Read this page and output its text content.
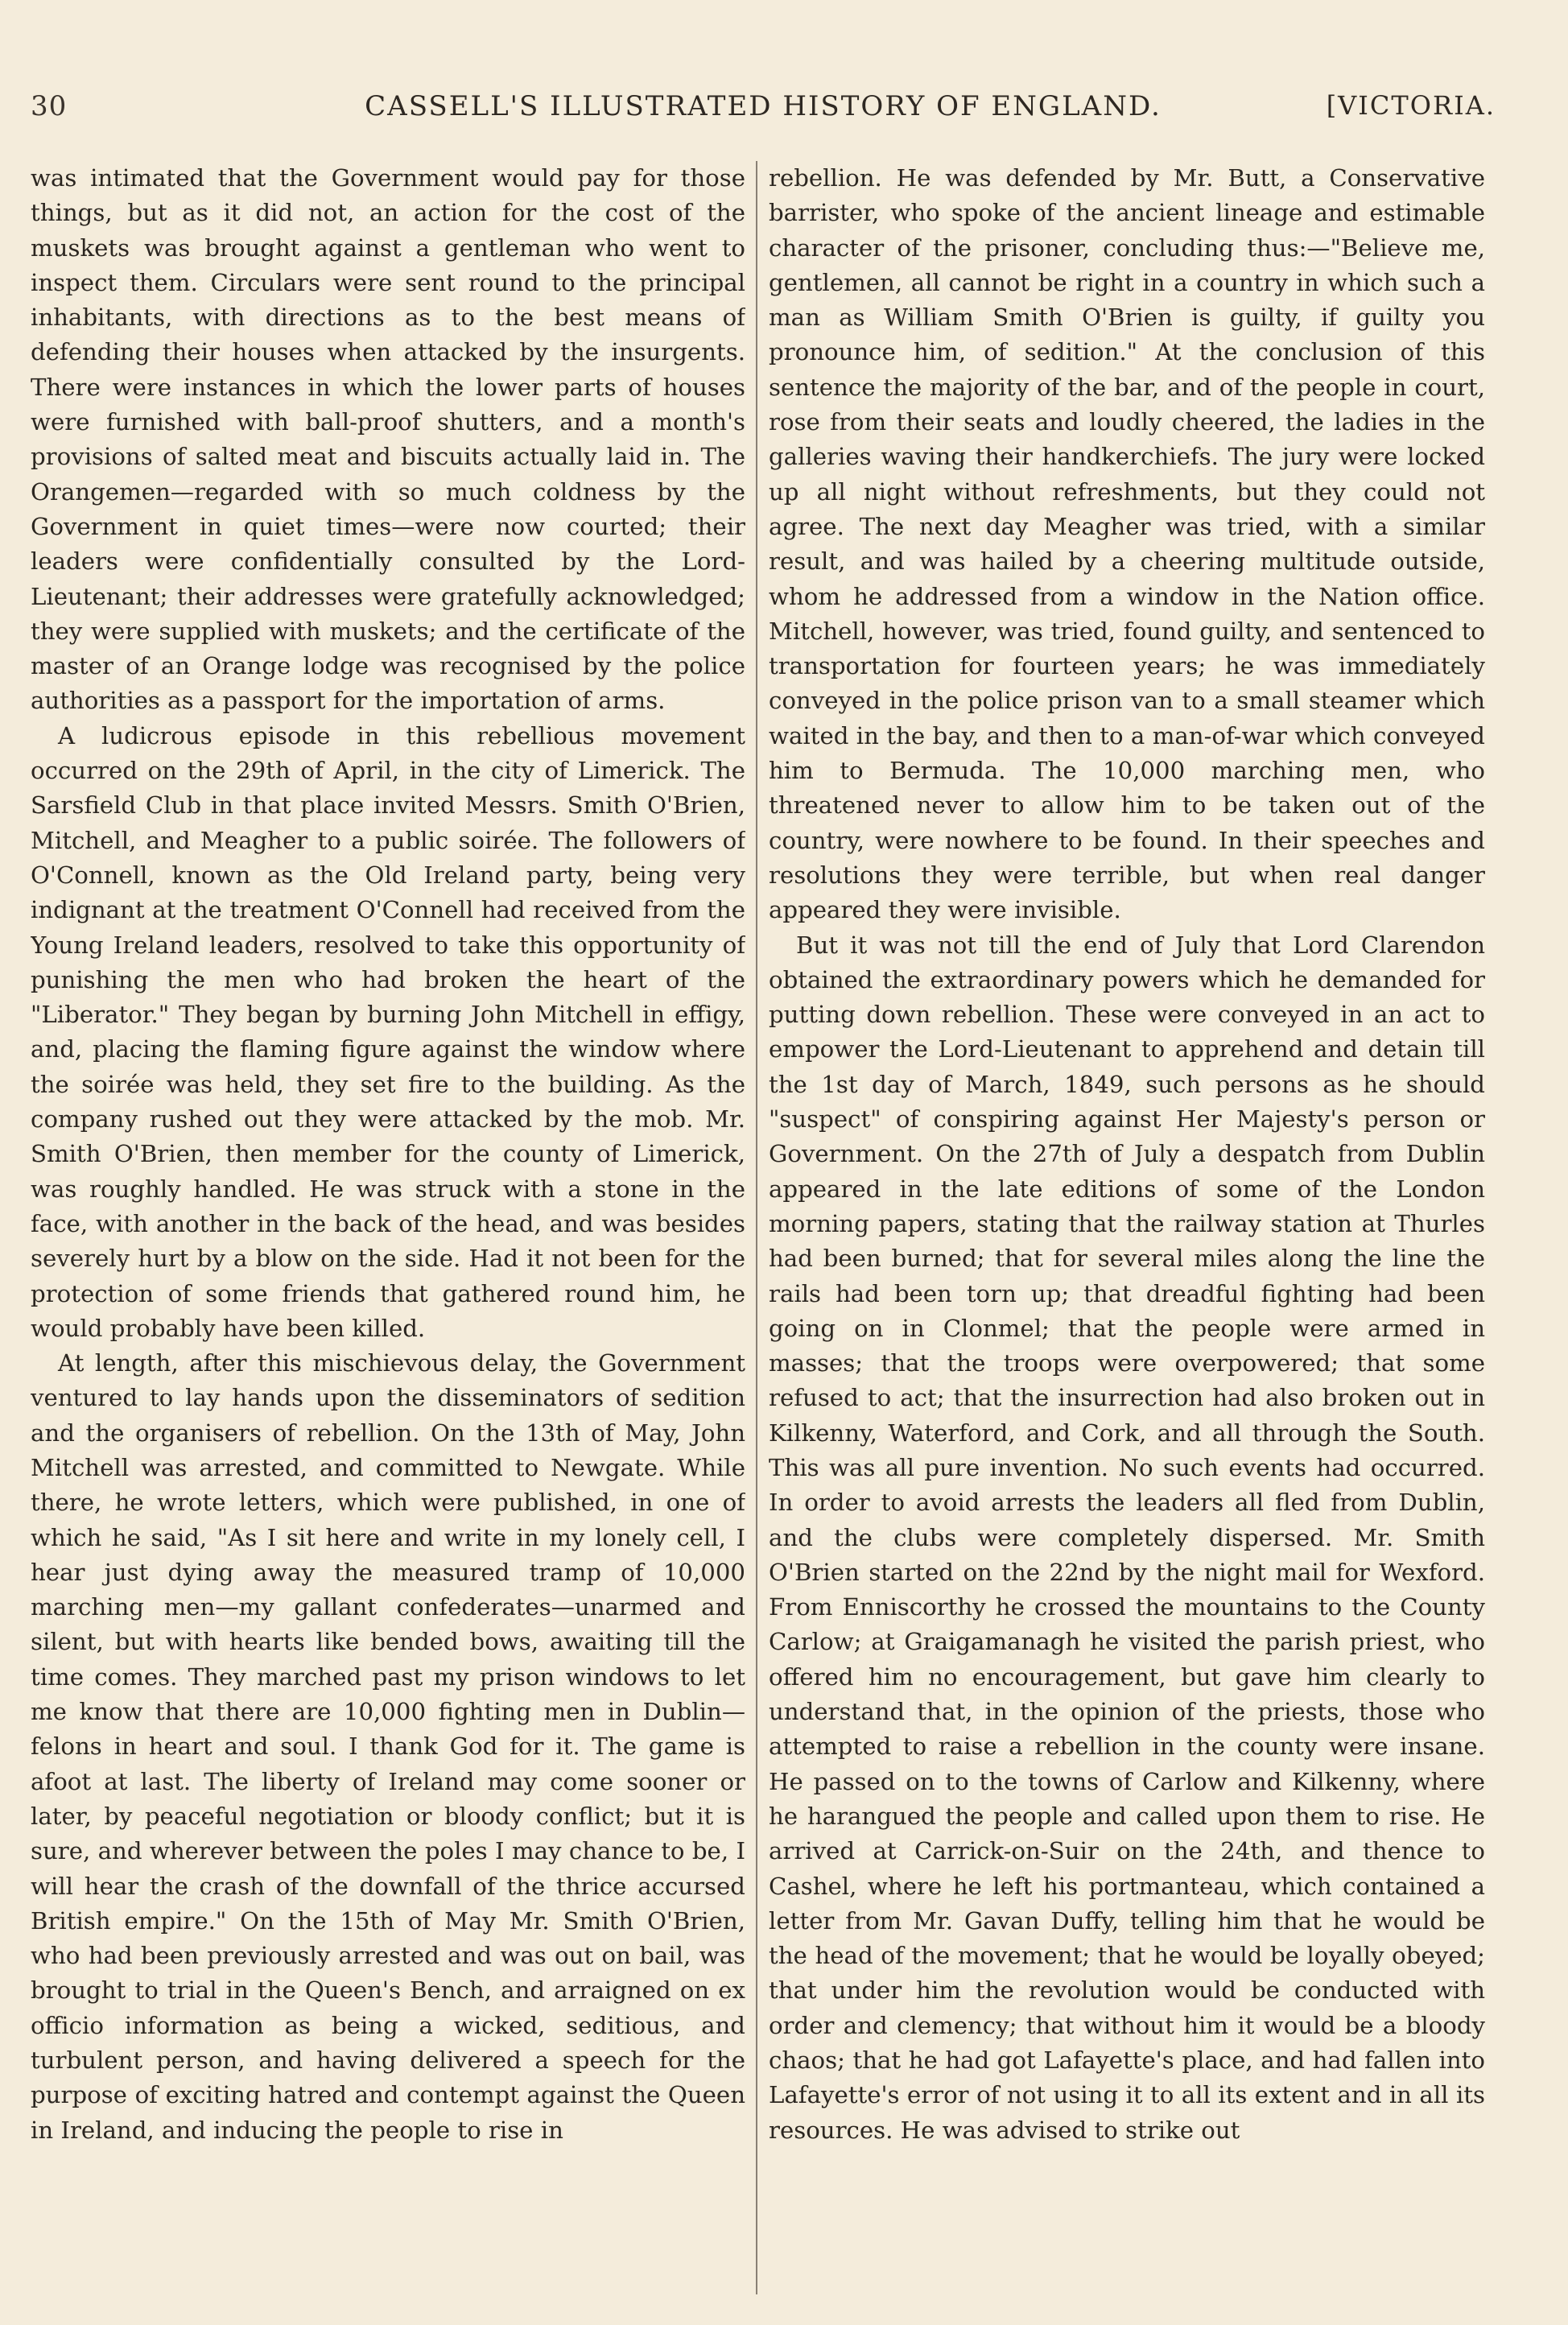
30	CASSELL'S ILLUSTRATED HISTORY OF ENGLAND.	[VICTORIA.

was intimated that the Government would pay for those things, but as it did not, an action for the cost of the muskets was brought against a gentleman who went to inspect them. Circulars were sent round to the principal inhabitants, with directions as to the best means of defending their houses when attacked by the insurgents. There were instances in which the lower parts of houses were furnished with ball-proof shutters, and a month's provisions of salted meat and biscuits actually laid in. The Orangemen—regarded with so much coldness by the Government in quiet times—were now courted; their leaders were confidentially consulted by the Lord-Lieutenant; their addresses were gratefully acknowledged; they were supplied with muskets; and the certificate of the master of an Orange lodge was recognised by the police authorities as a passport for the importation of arms.

A ludicrous episode in this rebellious movement occurred on the 29th of April, in the city of Limerick. The Sarsfield Club in that place invited Messrs. Smith O'Brien, Mitchell, and Meagher to a public soirée. The followers of O'Connell, known as the Old Ireland party, being very indignant at the treatment O'Connell had received from the Young Ireland leaders, resolved to take this opportunity of punishing the men who had broken the heart of the "Liberator." They began by burning John Mitchell in effigy, and, placing the flaming figure against the window where the soirée was held, they set fire to the building. As the company rushed out they were attacked by the mob. Mr. Smith O'Brien, then member for the county of Limerick, was roughly handled. He was struck with a stone in the face, with another in the back of the head, and was besides severely hurt by a blow on the side. Had it not been for the protection of some friends that gathered round him, he would probably have been killed.

At length, after this mischievous delay, the Government ventured to lay hands upon the disseminators of sedition and the organisers of rebellion. On the 13th of May, John Mitchell was arrested, and committed to Newgate. While there, he wrote letters, which were published, in one of which he said, "As I sit here and write in my lonely cell, I hear just dying away the measured tramp of 10,000 marching men—my gallant confederates—unarmed and silent, but with hearts like bended bows, awaiting till the time comes. They marched past my prison windows to let me know that there are 10,000 fighting men in Dublin—felons in heart and soul. I thank God for it. The game is afoot at last. The liberty of Ireland may come sooner or later, by peaceful negotiation or bloody conflict; but it is sure, and wherever between the poles I may chance to be, I will hear the crash of the downfall of the thrice accursed British empire." On the 15th of May Mr. Smith O'Brien, who had been previously arrested and was out on bail, was brought to trial in the Queen's Bench, and arraigned on ex officio information as being a wicked, seditious, and turbulent person, and having delivered a speech for the purpose of exciting hatred and contempt against the Queen in Ireland, and inducing the people to rise in

rebellion. He was defended by Mr. Butt, a Conservative barrister, who spoke of the ancient lineage and estimable character of the prisoner, concluding thus:—"Believe me, gentlemen, all cannot be right in a country in which such a man as William Smith O'Brien is guilty, if guilty you pronounce him, of sedition." At the conclusion of this sentence the majority of the bar, and of the people in court, rose from their seats and loudly cheered, the ladies in the galleries waving their handkerchiefs. The jury were locked up all night without refreshments, but they could not agree. The next day Meagher was tried, with a similar result, and was hailed by a cheering multitude outside, whom he addressed from a window in the Nation office. Mitchell, however, was tried, found guilty, and sentenced to transportation for fourteen years; he was immediately conveyed in the police prison van to a small steamer which waited in the bay, and then to a man-of-war which conveyed him to Bermuda. The 10,000 marching men, who threatened never to allow him to be taken out of the country, were nowhere to be found. In their speeches and resolutions they were terrible, but when real danger appeared they were invisible.

But it was not till the end of July that Lord Clarendon obtained the extraordinary powers which he demanded for putting down rebellion. These were conveyed in an act to empower the Lord-Lieutenant to apprehend and detain till the 1st day of March, 1849, such persons as he should "suspect" of conspiring against Her Majesty's person or Government. On the 27th of July a despatch from Dublin appeared in the late editions of some of the London morning papers, stating that the railway station at Thurles had been burned; that for several miles along the line the rails had been torn up; that dreadful fighting had been going on in Clonmel; that the people were armed in masses; that the troops were overpowered; that some refused to act; that the insurrection had also broken out in Kilkenny, Waterford, and Cork, and all through the South. This was all pure invention. No such events had occurred. In order to avoid arrests the leaders all fled from Dublin, and the clubs were completely dispersed. Mr. Smith O'Brien started on the 22nd by the night mail for Wexford. From Enniscorthy he crossed the mountains to the County Carlow; at Graigamanagh he visited the parish priest, who offered him no encouragement, but gave him clearly to understand that, in the opinion of the priests, those who attempted to raise a rebellion in the county were insane. He passed on to the towns of Carlow and Kilkenny, where he harangued the people and called upon them to rise. He arrived at Carrick-on-Suir on the 24th, and thence to Cashel, where he left his portmanteau, which contained a letter from Mr. Gavan Duffy, telling him that he would be the head of the movement; that he would be loyally obeyed; that under him the revolution would be conducted with order and clemency; that without him it would be a bloody chaos; that he had got Lafayette's place, and had fallen into Lafayette's error of not using it to all its extent and in all its resources. He was advised to strike out
